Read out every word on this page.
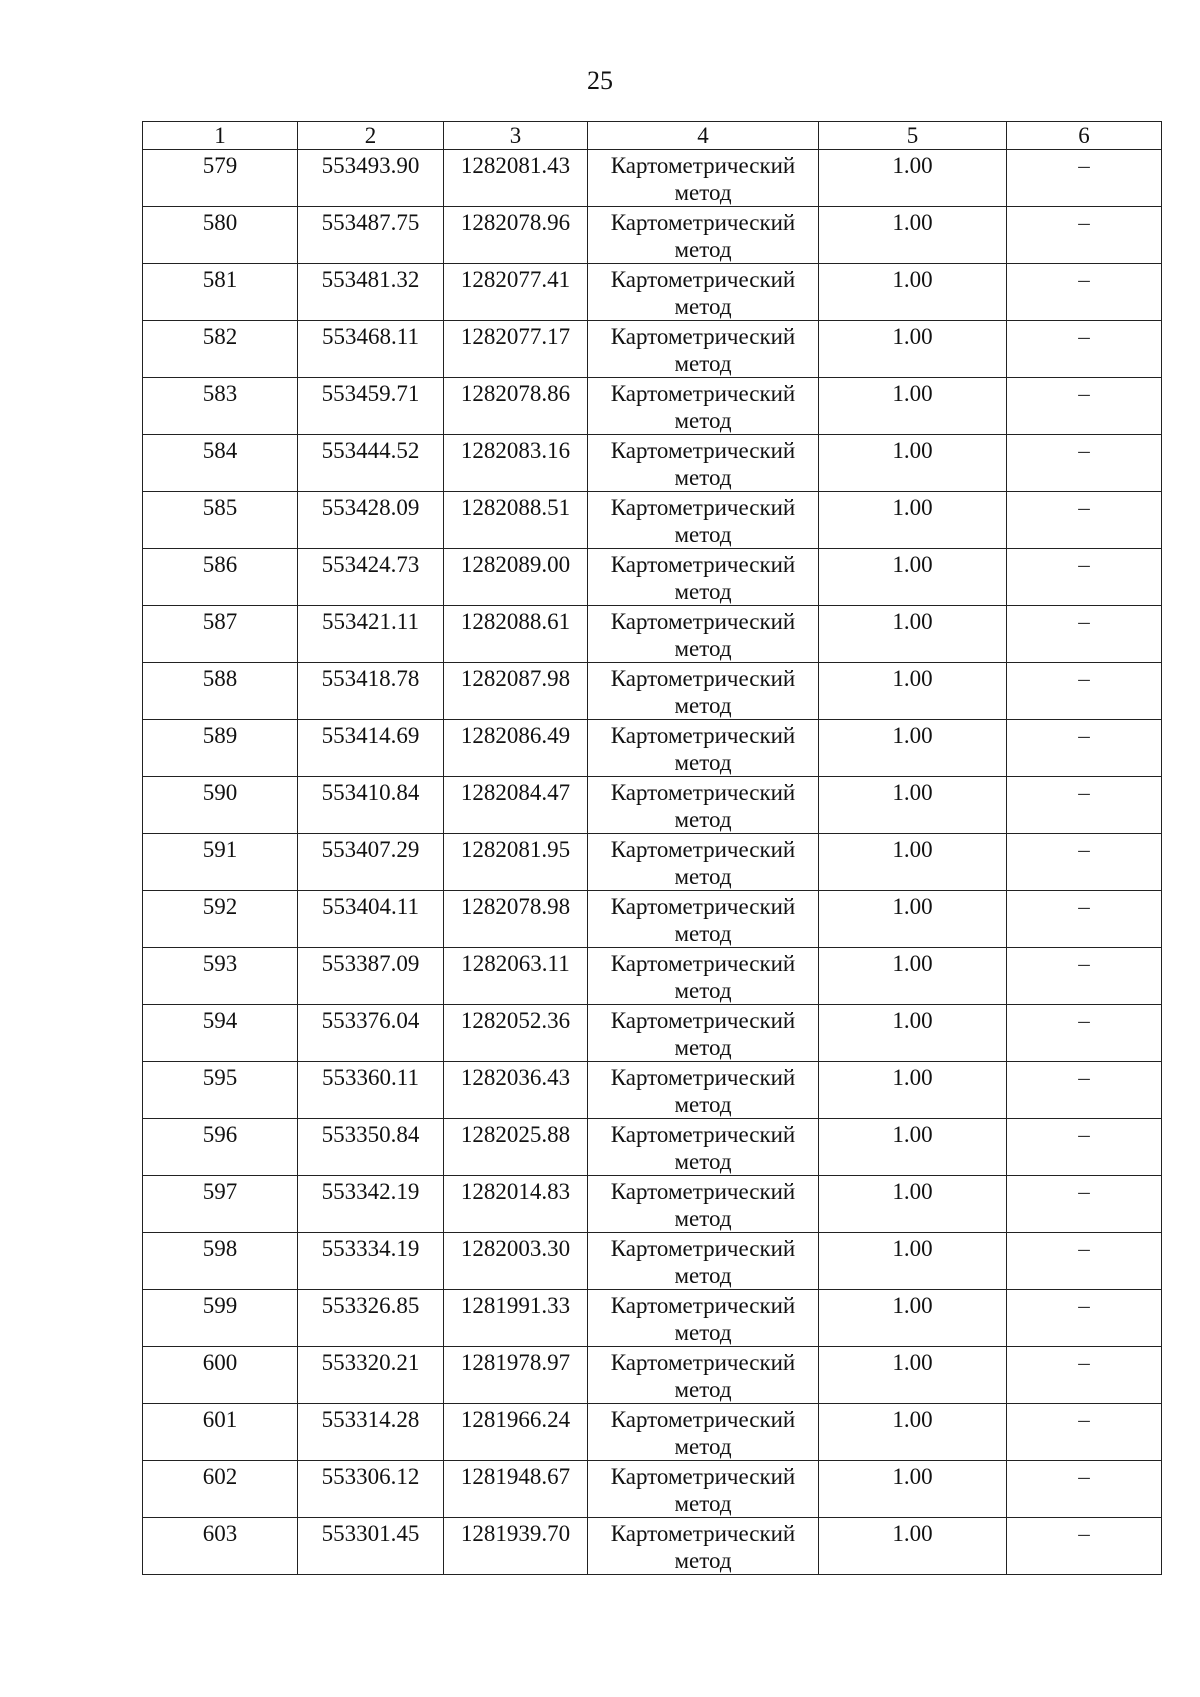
25
1	2	3	4	5	6
579	553493.90	1282081.43	Картометрический метод	1.00	–
580	553487.75	1282078.96	Картометрический метод	1.00	–
581	553481.32	1282077.41	Картометрический метод	1.00	–
582	553468.11	1282077.17	Картометрический метод	1.00	–
583	553459.71	1282078.86	Картометрический метод	1.00	–
584	553444.52	1282083.16	Картометрический метод	1.00	–
585	553428.09	1282088.51	Картометрический метод	1.00	–
586	553424.73	1282089.00	Картометрический метод	1.00	–
587	553421.11	1282088.61	Картометрический метод	1.00	–
588	553418.78	1282087.98	Картометрический метод	1.00	–
589	553414.69	1282086.49	Картометрический метод	1.00	–
590	553410.84	1282084.47	Картометрический метод	1.00	–
591	553407.29	1282081.95	Картометрический метод	1.00	–
592	553404.11	1282078.98	Картометрический метод	1.00	–
593	553387.09	1282063.11	Картометрический метод	1.00	–
594	553376.04	1282052.36	Картометрический метод	1.00	–
595	553360.11	1282036.43	Картометрический метод	1.00	–
596	553350.84	1282025.88	Картометрический метод	1.00	–
597	553342.19	1282014.83	Картометрический метод	1.00	–
598	553334.19	1282003.30	Картометрический метод	1.00	–
599	553326.85	1281991.33	Картометрический метод	1.00	–
600	553320.21	1281978.97	Картометрический метод	1.00	–
601	553314.28	1281966.24	Картометрический метод	1.00	–
602	553306.12	1281948.67	Картометрический метод	1.00	–
603	553301.45	1281939.70	Картометрический метод	1.00	–
